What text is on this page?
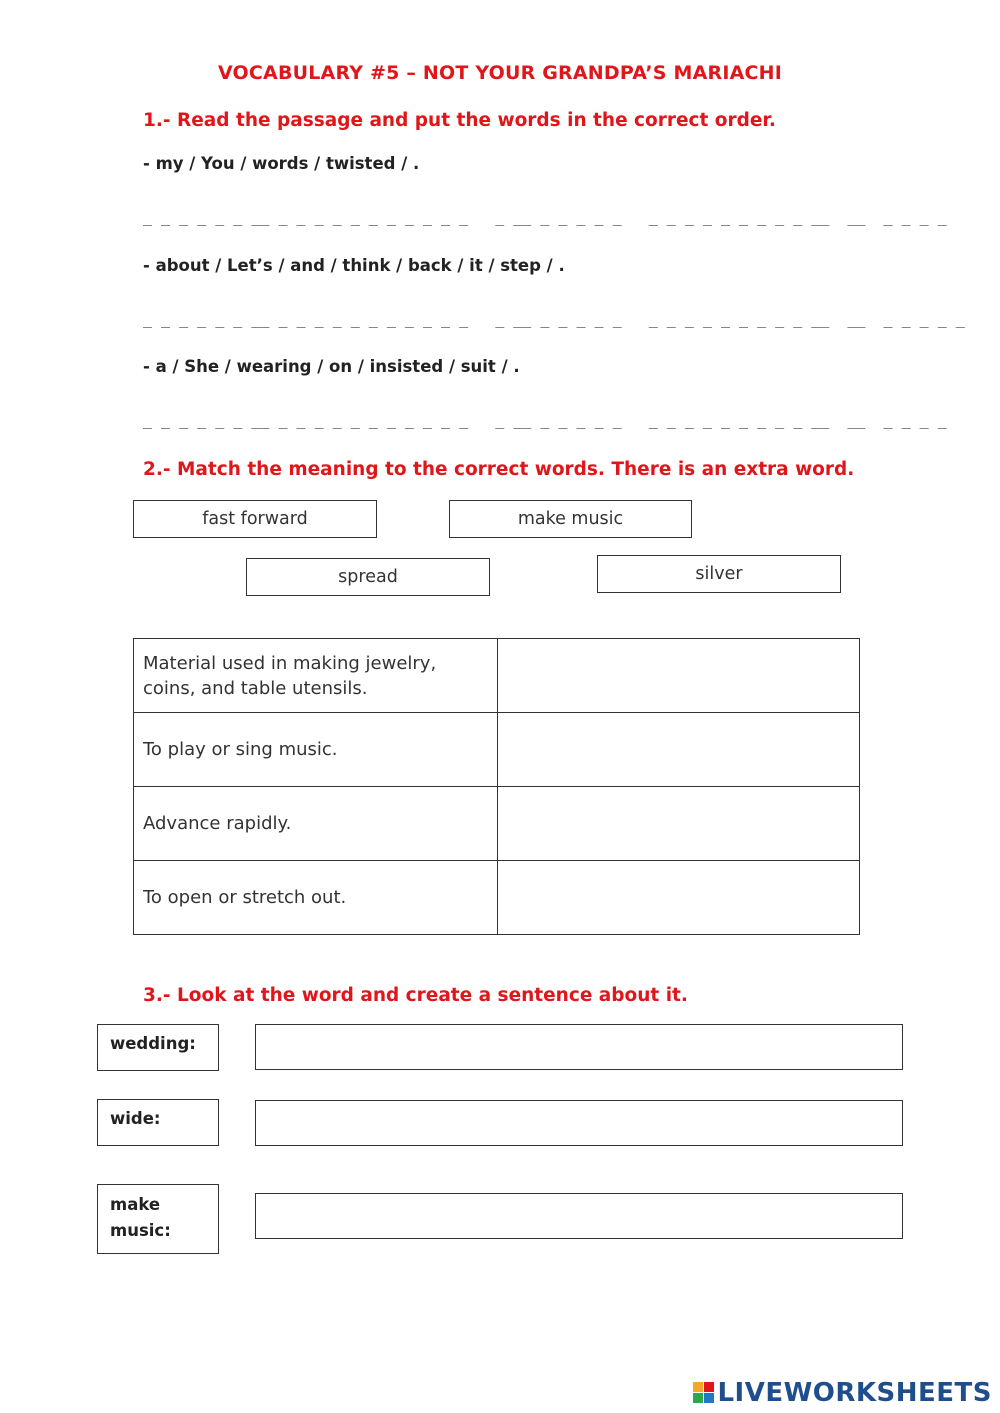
VOCABULARY #5 – NOT YOUR GRANDPA’S MARIACHI
1.- Read the passage and put the words in the correct order.
- my / You / words / twisted / .
_ _ _ _ _ _ __ _ _ _ _ _ _ _ _ _ _ _   _ __ _ _ _ _ _   _ _ _ _ _ _ _ _ _ __  __  _ _ _ _
- about / Let’s / and / think / back / it / step / .
_ _ _ _ _ _ __ _ _ _ _ _ _ _ _ _ _ _   _ __ _ _ _ _ _   _ _ _ _ _ _ _ _ _ __  __  _ _ _ _ _
- a / She / wearing / on / insisted / suit / .
_ _ _ _ _ _ __ _ _ _ _ _ _ _ _ _ _ _   _ __ _ _ _ _ _   _ _ _ _ _ _ _ _ _ __  __  _ _ _ _
2.- Match the meaning to the correct words. There is an extra word.
fast forward	make music
spread	silver
Material used in making jewelry, coins, and table utensils.	
To play or sing music.	
Advance rapidly.	
To open or stretch out.	
3.- Look at the word and create a sentence about it.
wedding:
wide:
make music:
LIVEWORKSHEETS
